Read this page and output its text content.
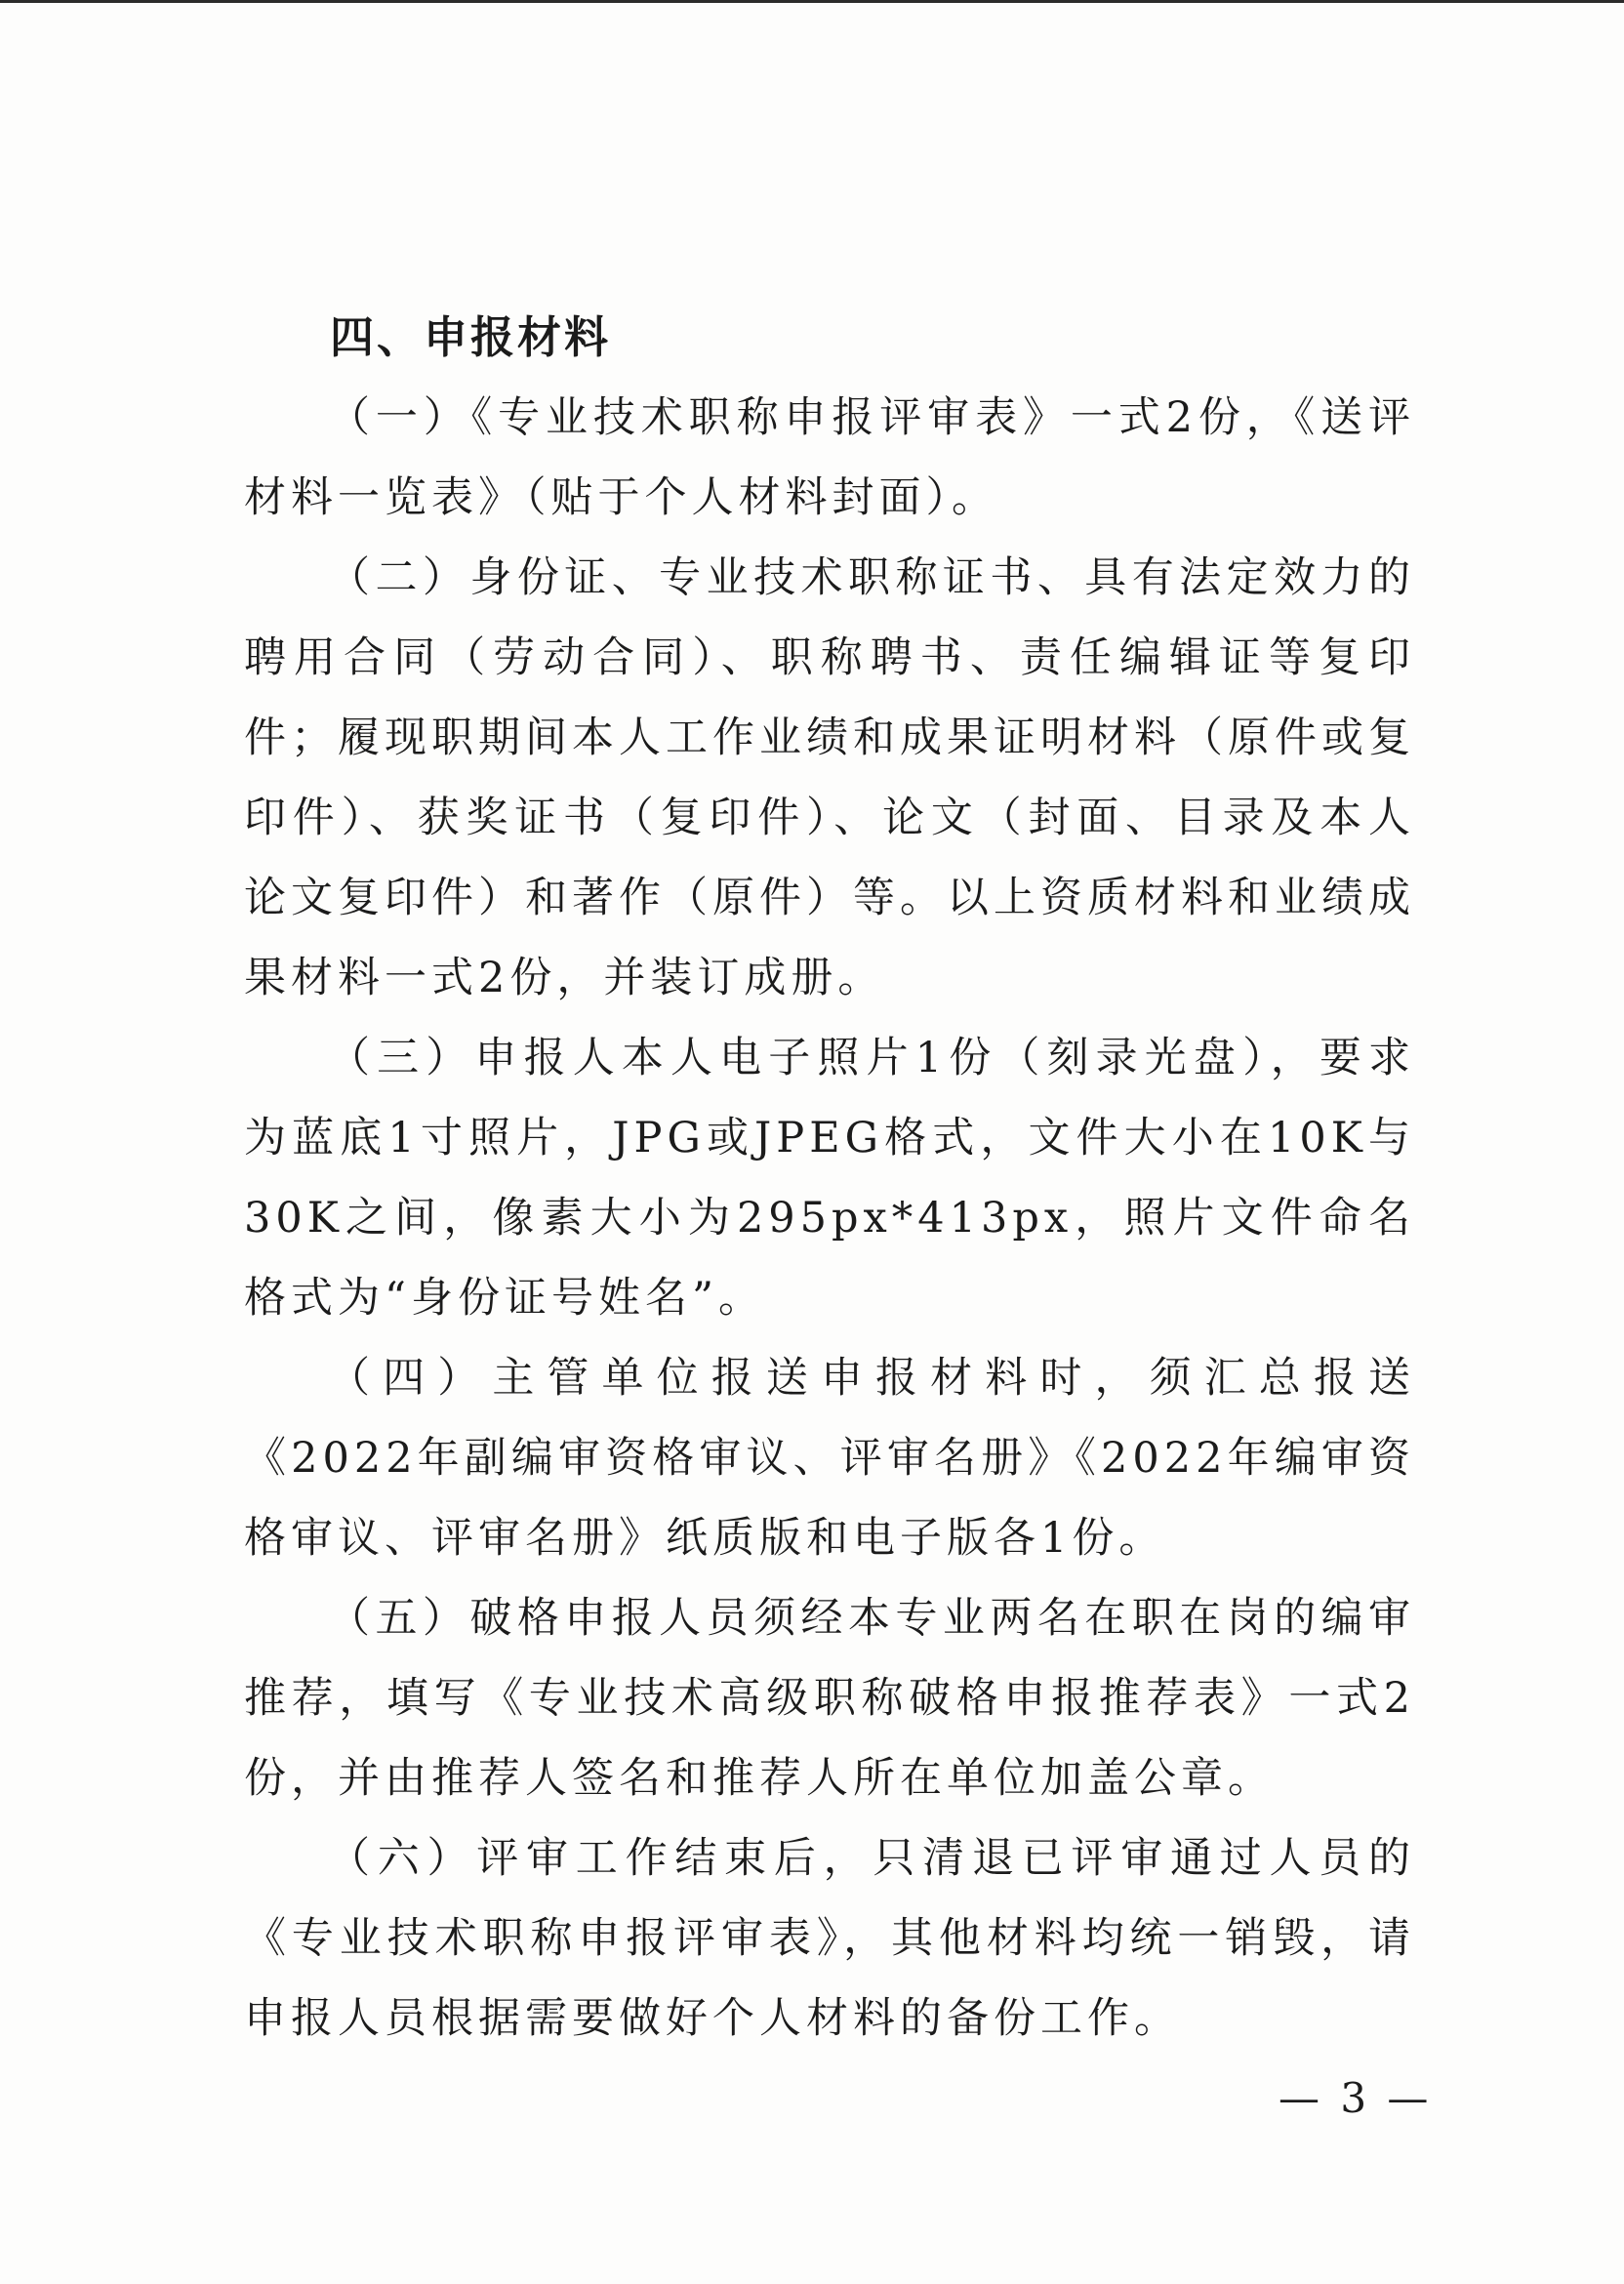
四、申报材料

（一）《专业技术职称申报评审表》一式2份，《送评材料一览表》（贴于个人材料封面）。

（二）身份证、专业技术职称证书、具有法定效力的聘用合同（劳动合同）、职称聘书、责任编辑证等复印件；履现职期间本人工作业绩和成果证明材料（原件或复印件）、获奖证书（复印件）、论文（封面、目录及本人论文复印件）和著作（原件）等。以上资质材料和业绩成果材料一式2份，并装订成册。

（三）申报人本人电子照片1份（刻录光盘），要求为蓝底1寸照片，JPG或JPEG格式，文件大小在10K与30K之间，像素大小为295px*413px，照片文件命名格式为“身份证号姓名”。

（四）主管单位报送申报材料时，须汇总报送《2022年副编审资格审议、评审名册》《2022年编审资格审议、评审名册》纸质版和电子版各1份。

（五）破格申报人员须经本专业两名在职在岗的编审推荐，填写《专业技术高级职称破格申报推荐表》一式2份，并由推荐人签名和推荐人所在单位加盖公章。

（六）评审工作结束后，只清退已评审通过人员的《专业技术职称申报评审表》，其他材料均统一销毁，请申报人员根据需要做好个人材料的备份工作。

— 3 —
